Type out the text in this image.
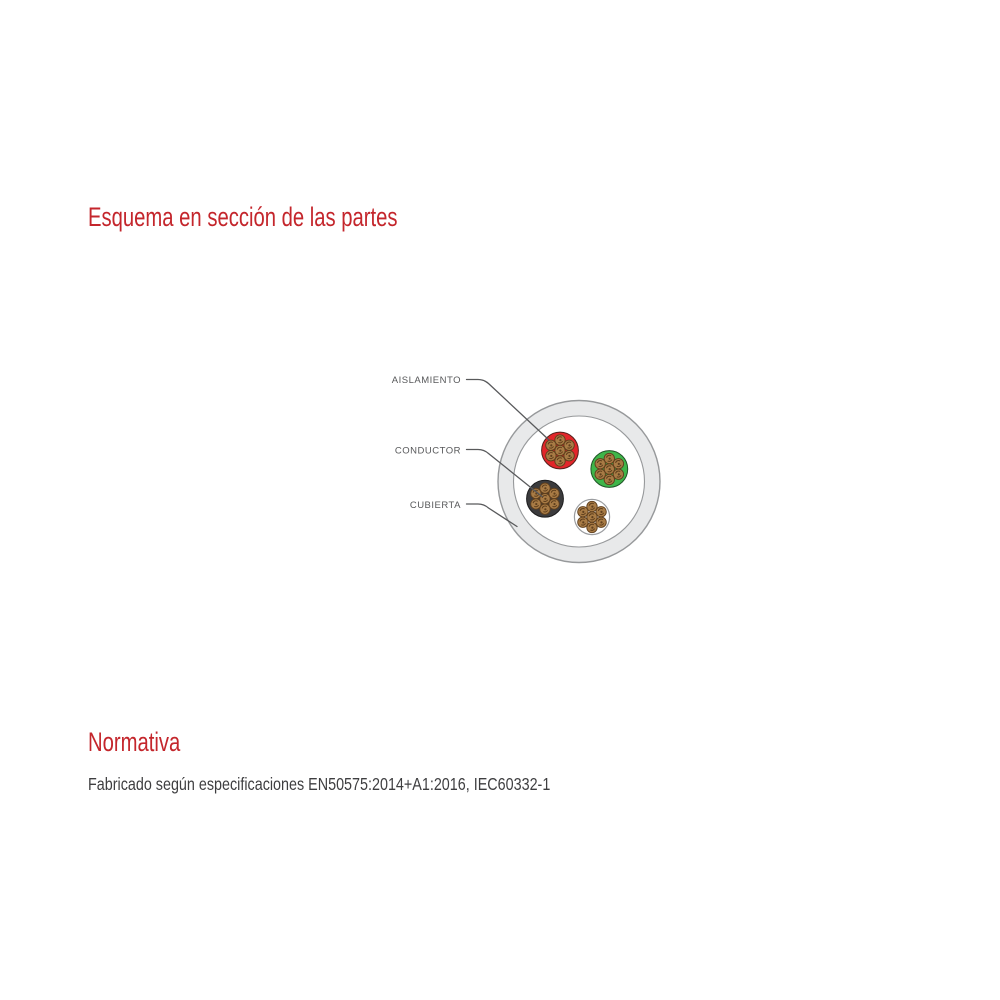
Esquema en sección de las partes
AISLAMIENTO
CONDUCTOR
CUBIERTA
Normativa
Fabricado según especificaciones EN50575:2014+A1:2016, IEC60332-1
